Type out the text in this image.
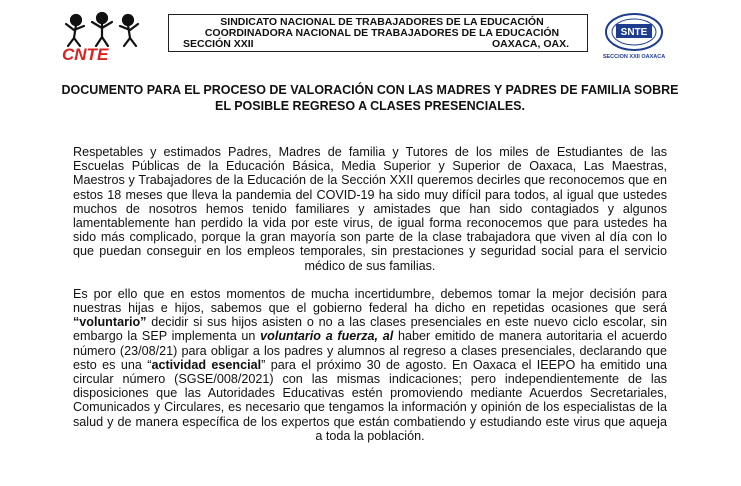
CNTE
SINDICATO NACIONAL DE TRABAJADORES DE LA EDUCACIÓN
COORDINADORA NACIONAL DE TRABAJADORES DE LA EDUCACIÓN
SECCIÓN XXII	OAXACA, OAX.
SNTE
SECCION XXII OAXACA
DOCUMENTO PARA EL PROCESO DE VALORACIÓN CON LAS MADRES Y PADRES DE FAMILIA SOBRE EL POSIBLE REGRESO A CLASES PRESENCIALES.

Respetables y estimados Padres, Madres de familia y Tutores de los miles de Estudiantes de las Escuelas Públicas de la Educación Básica, Media Superior y Superior de Oaxaca, Las Maestras, Maestros y Trabajadores de la Educación de la Sección XXII queremos decirles que reconocemos que en estos 18 meses que lleva la pandemia del COVID-19 ha sido muy difícil para todos, al igual que ustedes muchos de nosotros hemos tenido familiares y amistades que han sido contagiados y algunos lamentablemente han perdido la vida por este virus, de igual forma reconocemos que para ustedes ha sido más complicado, porque la gran mayoría son parte de la clase trabajadora que viven al día con lo que puedan conseguir en los empleos temporales, sin prestaciones y seguridad social para el servicio médico de sus familias.

Es por ello que en estos momentos de mucha incertidumbre, debemos tomar la mejor decisión para nuestras hijas e hijos, sabemos que el gobierno federal ha dicho en repetidas ocasiones que será “voluntario” decidir si sus hijos asisten o no a las clases presenciales en este nuevo ciclo escolar, sin embargo la SEP implementa un voluntario a fuerza, al haber emitido de manera autoritaria el acuerdo número (23/08/21) para obligar a los padres y alumnos al regreso a clases presenciales, declarando que esto es una “actividad esencial” para el próximo 30 de agosto. En Oaxaca el IEEPO ha emitido una circular número (SGSE/008/2021) con las mismas indicaciones; pero independientemente de las disposiciones que las Autoridades Educativas estén promoviendo mediante Acuerdos Secretariales, Comunicados y Circulares, es necesario que tengamos la información y opinión de los especialistas de la salud y de manera específica de los expertos que están combatiendo y estudiando este virus que aqueja a toda la población.
